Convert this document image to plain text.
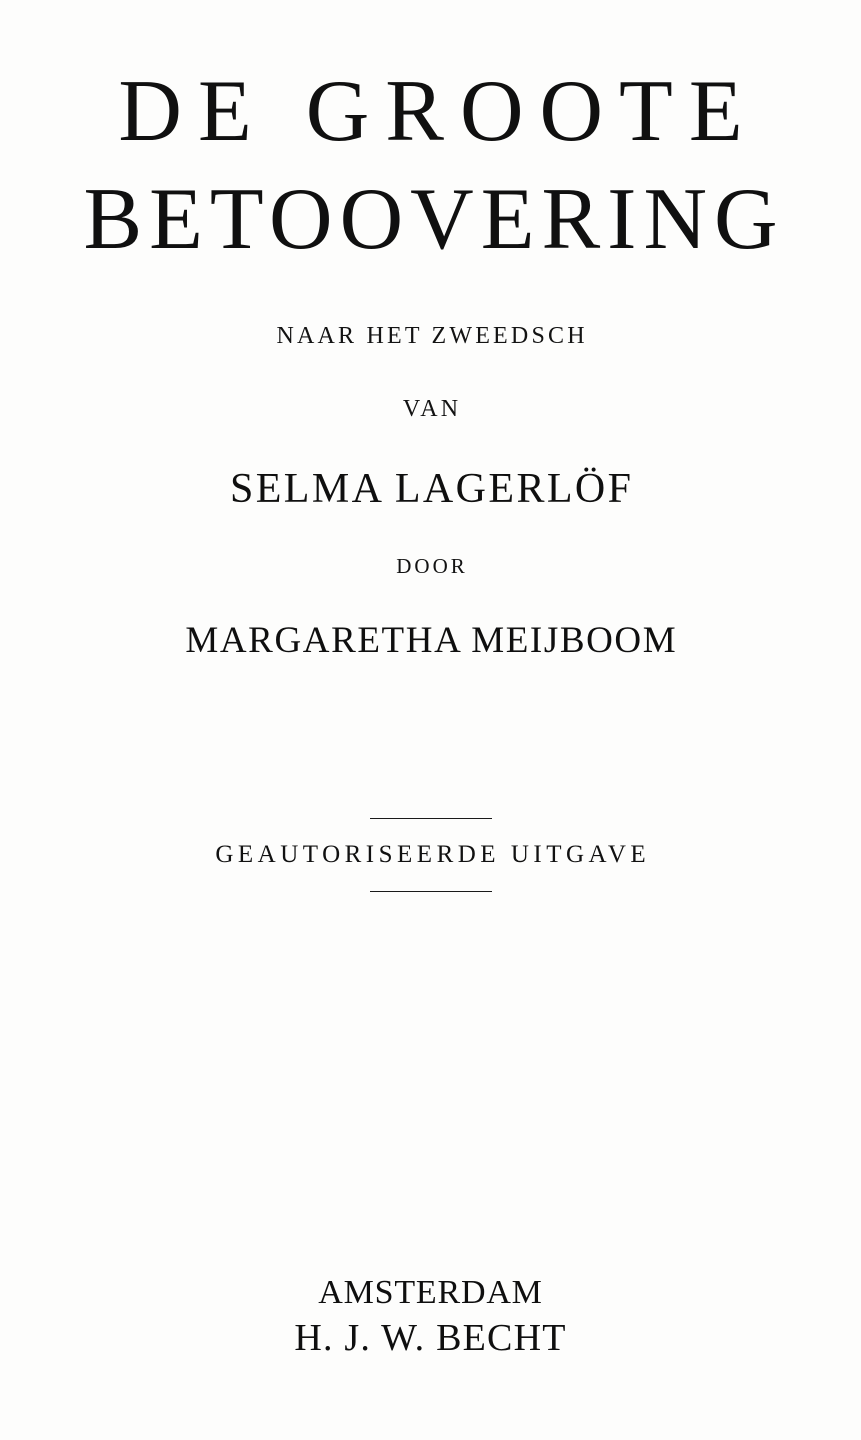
DE GROOTE
BETOOVERING
NAAR HET ZWEEDSCH
VAN
SELMA LAGERLÖF
DOOR
MARGARETHA MEIJBOOM
GEAUTORISEERDE UITGAVE
AMSTERDAM
H. J. W. BECHT
